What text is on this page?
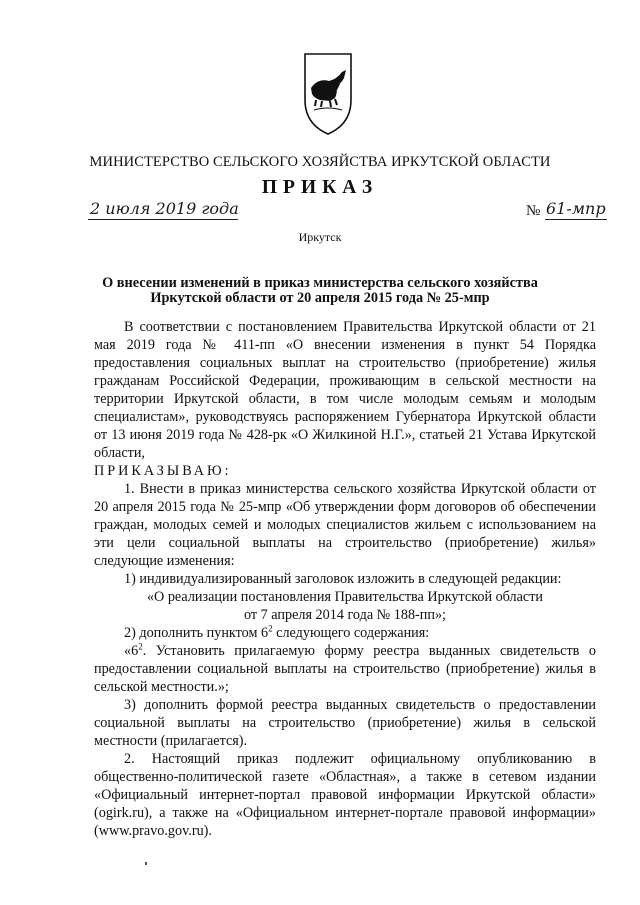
МИНИСТЕРСТВО СЕЛЬСКОГО ХОЗЯЙСТВА ИРКУТСКОЙ ОБЛАСТИ
ПРИКАЗ
2 июля 2019 года	№ 61-мпр
Иркутск
О внесении изменений в приказ министерства сельского хозяйства
Иркутской области от 20 апреля 2015 года № 25-мпр

В соответствии с постановлением Правительства Иркутской области от 21 мая 2019 года № 411-пп «О внесении изменения в пункт 54 Порядка предоставления социальных выплат на строительство (приобретение) жилья гражданам Российской Федерации, проживающим в сельской местности на территории Иркутской области, в том числе молодым семьям и молодым специалистам», руководствуясь распоряжением Губернатора Иркутской области от 13 июня 2019 года № 428-рк «О Жилкиной Н.Г.», статьей 21 Устава Иркутской области,

ПРИКАЗЫВАЮ:

1. Внести в приказ министерства сельского хозяйства Иркутской области от 20 апреля 2015 года № 25-мпр «Об утверждении форм договоров об обеспечении граждан, молодых семей и молодых специалистов жильем с использованием на эти цели социальной выплаты на строительство (приобретение) жилья» следующие изменения:

1) индивидуализированный заголовок изложить в следующей редакции:

«О реализации постановления Правительства Иркутской области

от 7 апреля 2014 года № 188-пп»;

2) дополнить пунктом $6^2$ следующего содержания:

«$6^2$. Установить прилагаемую форму реестра выданных свидетельств о предоставлении социальной выплаты на строительство (приобретение) жилья в сельской местности.»;

3) дополнить формой реестра выданных свидетельств о предоставлении социальной выплаты на строительство (приобретение) жилья в сельской местности (прилагается).

2. Настоящий приказ подлежит официальному опубликованию в общественно-политической газете «Областная», а также в сетевом издании «Официальный интернет-портал правовой информации Иркутской области» (ogirk.ru), а также на «Официальном интернет-портале правовой информации» (www.pravo.gov.ru).
